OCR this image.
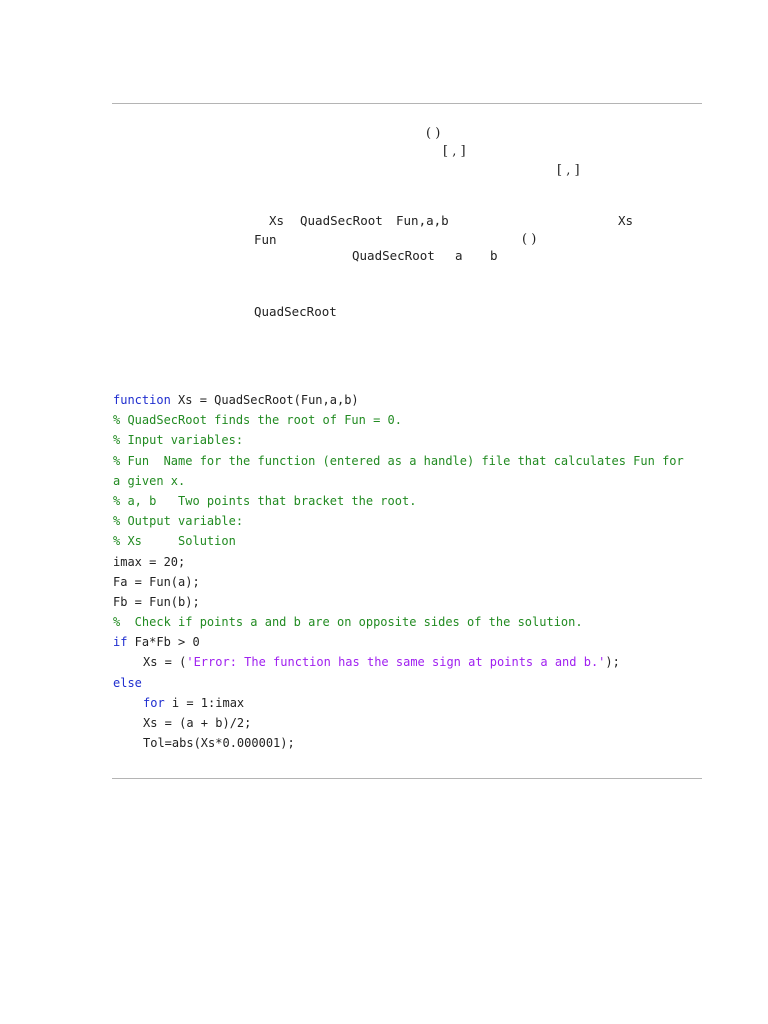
( )
[ , ]
[ , ]
Xs QuadSecRoot Fun,a,b	Xs
Fun	( )
QuadSecRoot a b
QuadSecRoot
function Xs = QuadSecRoot(Fun,a,b)
% QuadSecRoot finds the root of Fun = 0.
% Input variables:
% Fun  Name for the function (entered as a handle) file that calculates Fun for
a given x.
% a, b   Two points that bracket the root.
% Output variable:
% Xs     Solution
imax = 20;
Fa = Fun(a);
Fb = Fun(b);
%  Check if points a and b are on opposite sides of the solution.
if Fa*Fb > 0
Xs = ('Error: The function has the same sign at points a and b.');
else
for i = 1:imax
Xs = (a + b)/2;
Tol=abs(Xs*0.000001);
